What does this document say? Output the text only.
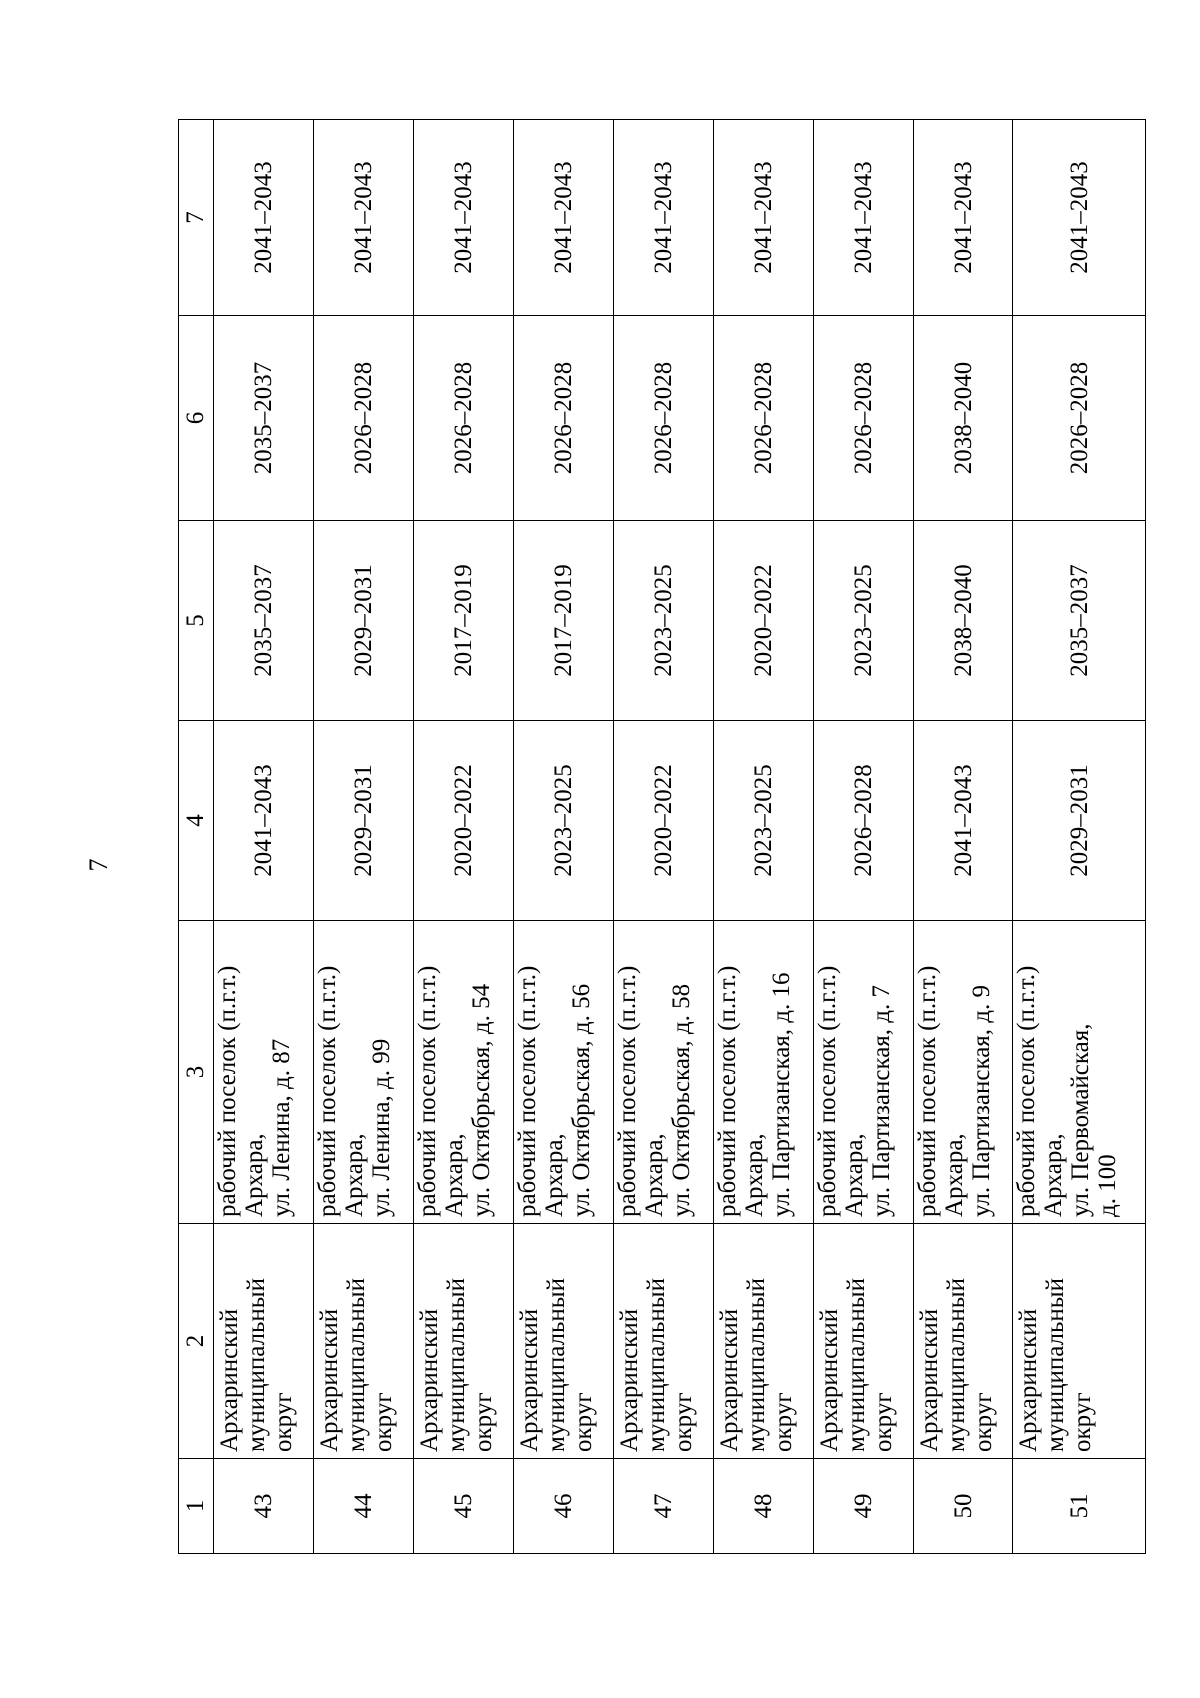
7
1	2	3	4	5	6	7
43	Архаринский муниципальный округ	рабочий поселок (п.г.т.) Архара, ул. Ленина, д. 87	2041–2043	2035–2037	2035–2037	2041–2043
44	Архаринский муниципальный округ	рабочий поселок (п.г.т.) Архара, ул. Ленина, д. 99	2029–2031	2029–2031	2026–2028	2041–2043
45	Архаринский муниципальный округ	рабочий поселок (п.г.т.) Архара, ул. Октябрьская, д. 54	2020–2022	2017–2019	2026–2028	2041–2043
46	Архаринский муниципальный округ	рабочий поселок (п.г.т.) Архара, ул. Октябрьская, д. 56	2023–2025	2017–2019	2026–2028	2041–2043
47	Архаринский муниципальный округ	рабочий поселок (п.г.т.) Архара, ул. Октябрьская, д. 58	2020–2022	2023–2025	2026–2028	2041–2043
48	Архаринский муниципальный округ	рабочий поселок (п.г.т.) Архара, ул. Партизанская, д. 16	2023–2025	2020–2022	2026–2028	2041–2043
49	Архаринский муниципальный округ	рабочий поселок (п.г.т.) Архара, ул. Партизанская, д. 7	2026–2028	2023–2025	2026–2028	2041–2043
50	Архаринский муниципальный округ	рабочий поселок (п.г.т.) Архара, ул. Партизанская, д. 9	2041–2043	2038–2040	2038–2040	2041–2043
51	Архаринский муниципальный округ	рабочий поселок (п.г.т.) Архара, ул. Первомайская, д. 100	2029–2031	2035–2037	2026–2028	2041–2043
